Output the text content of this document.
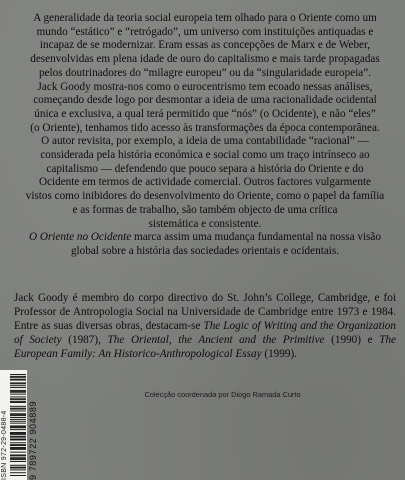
A generalidade da teoria social europeia tem olhado para o Oriente como um

mundo “estático” e “retrógado”, um universo com instituições antiquadas e

incapaz de se modernizar. Eram essas as concepções de Marx e de Weber,

desenvolvidas em plena idade de ouro do capitalismo e mais tarde propagadas

pelos doutrinadores do “milagre europeu” ou da “singularidade europeia”.

Jack Goody mostra-nos como o eurocentrismo tem ecoado nessas análises,

começando desde logo por desmontar a ideia de uma racionalidade ocidental

única e exclusiva, a qual terá permitido que “nós” (o Ocidente), e não “eles”

(o Oriente), tenhamos tido acesso às transformações da época contemporânea.

O autor revisita, por exemplo, a ideia de uma contabilidade “racional” —

considerada pela história económica e social como um traço intrínseco ao

capitalismo — defendendo que pouco separa a história do Oriente e do

Ocidente em termos de actividade comercial. Outros factores vulgarmente

vistos como inibidores do desenvolvimento do Oriente, como o papel da família

e as formas de trabalho, são também objecto de uma crítica

sistemática e consistente.

O Oriente no Ocidente marca assim uma mudança fundamental na nossa visão

global sobre a história das sociedades orientais e ocidentais.

Jack Goody é membro do corpo directivo do St. John’s College, Cambridge, e foi Professor de Antropologia Social na Universidade de Cambridge entre 1973 e 1984. Entre as suas diversas obras, destacam-se The Logic of Writing and the Organization of Society (1987), The Oriental, the Ancient and the Primitive (1990) e The European Family: An Historico-Anthropological Essay (1999).

ISBN 972-29-0488-4	9 789722 904889
Colecção coordenada por Diogo Ramada Curto
